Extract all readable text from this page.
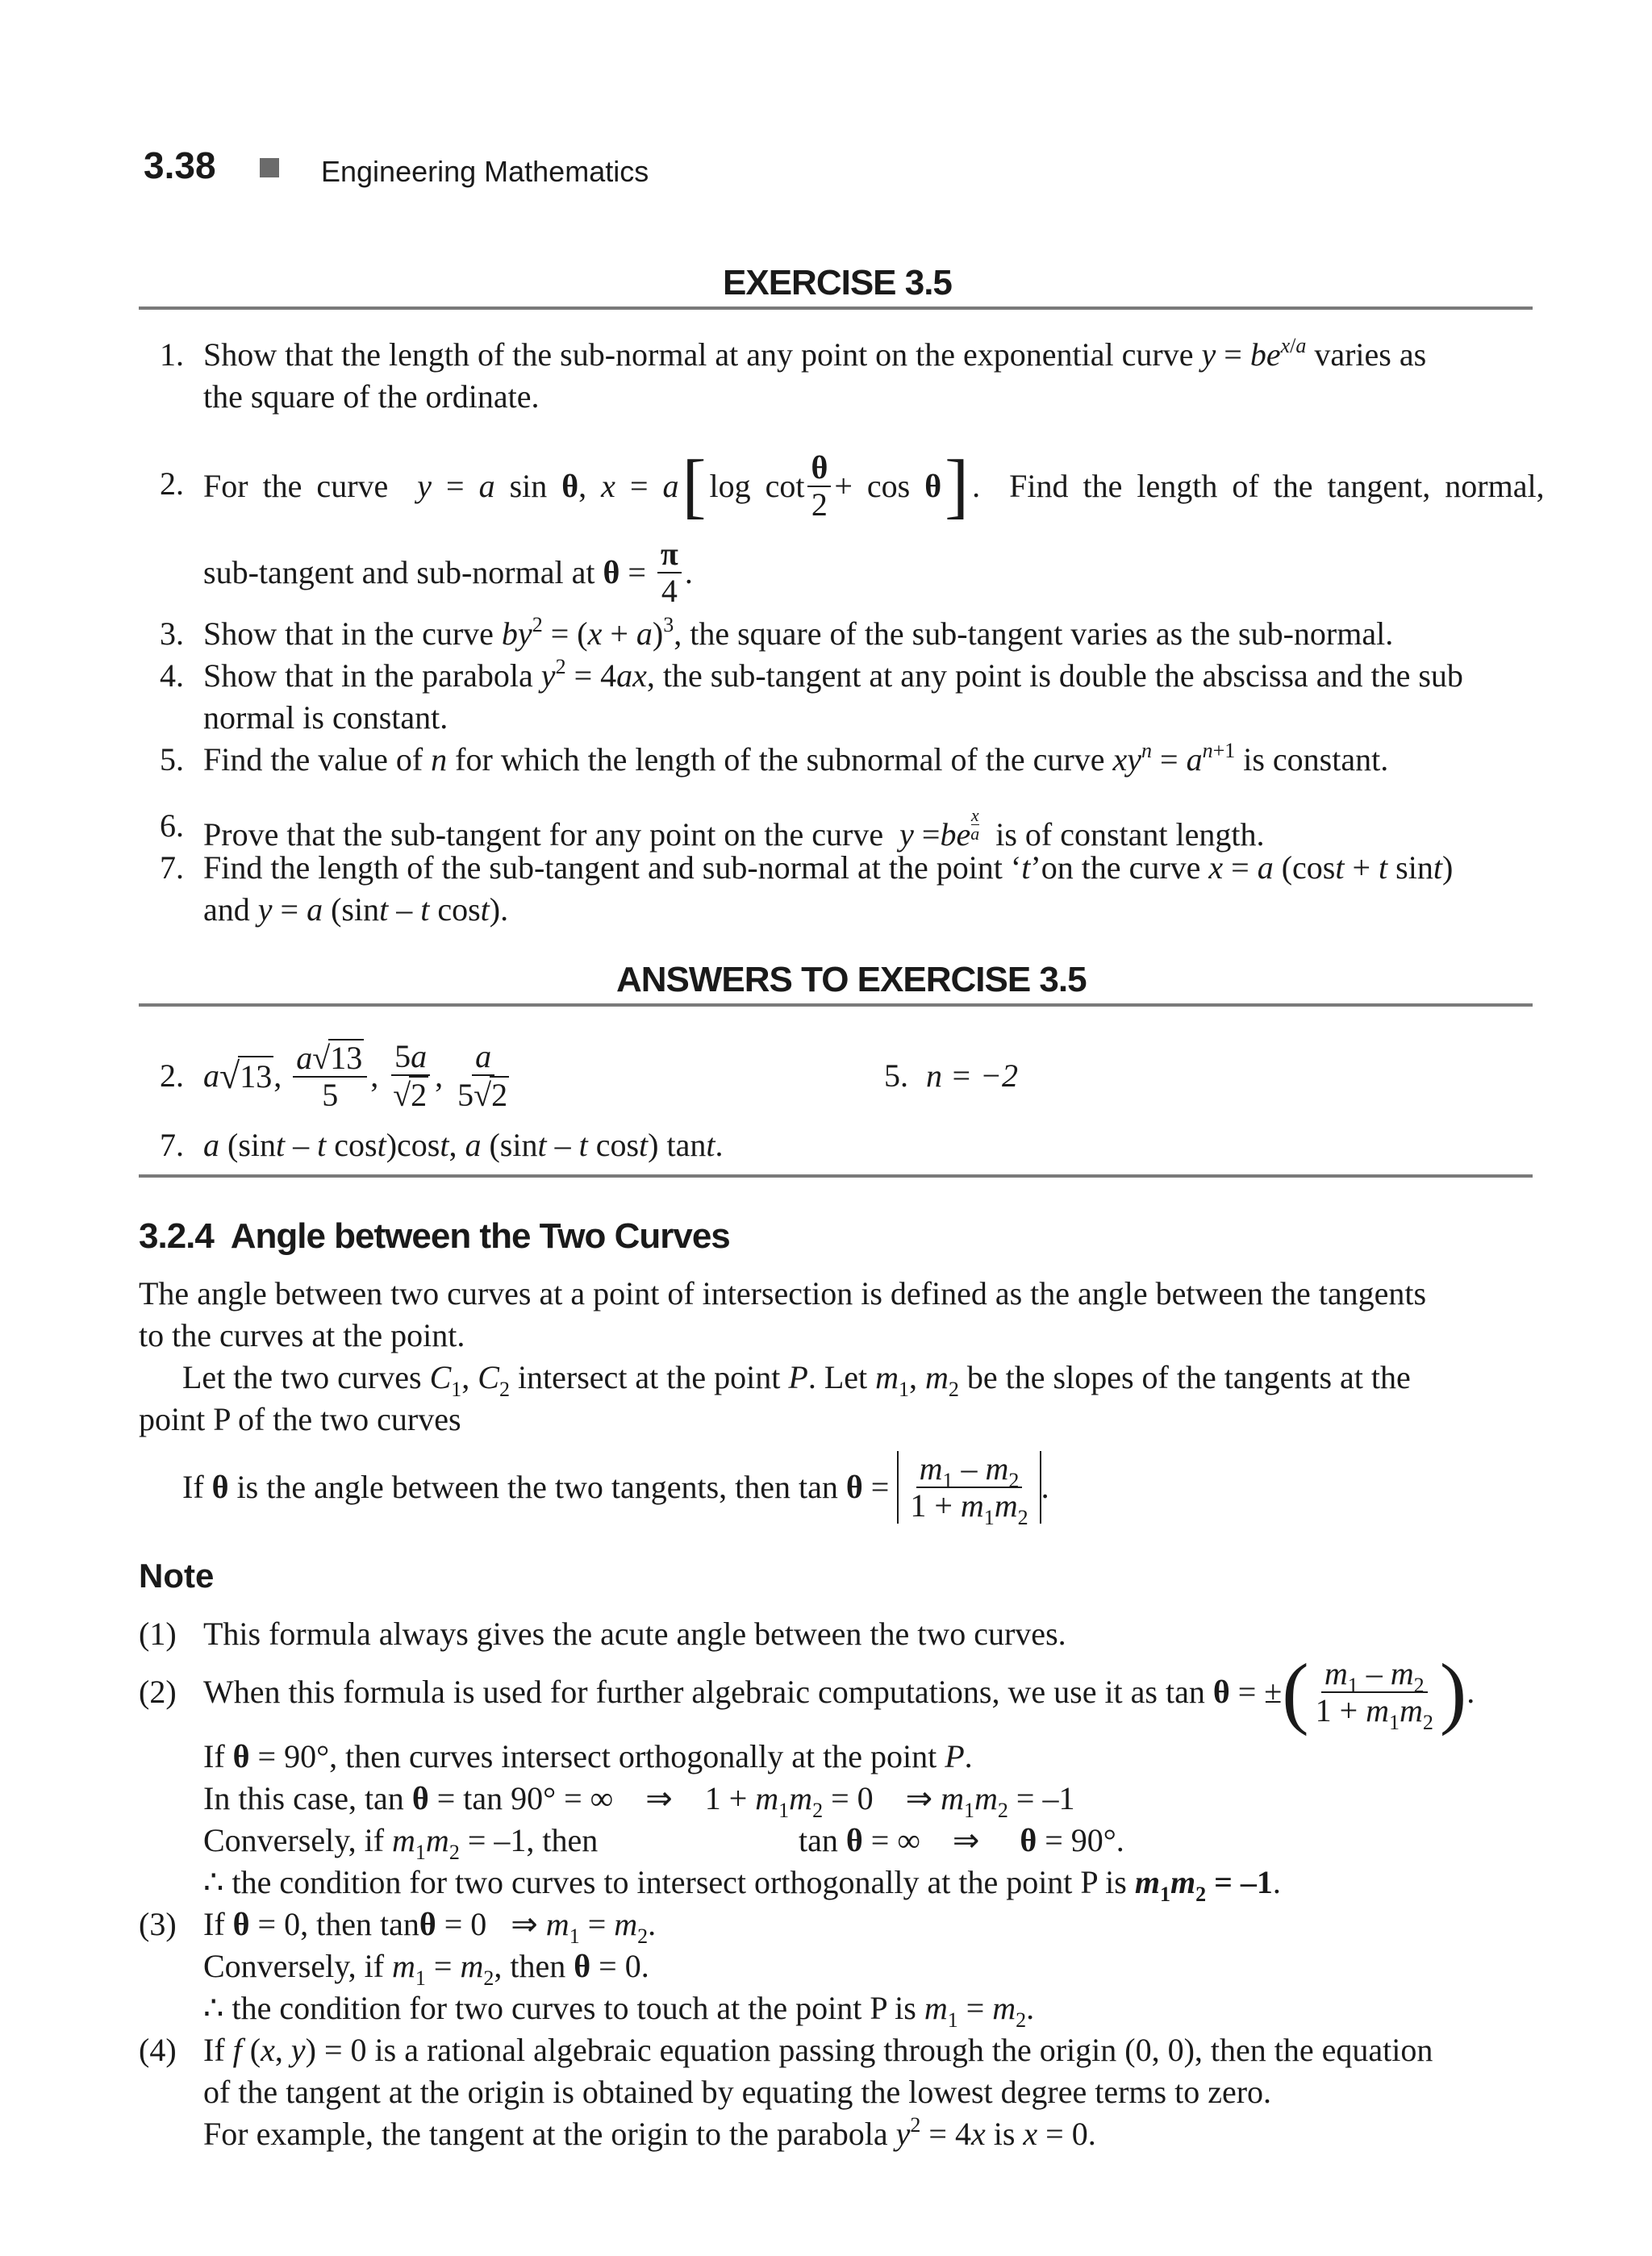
3.38	Engineering Mathematics
EXERCISE 3.5
1. Show that the length of the sub-normal at any point on the exponential curve $y = be^{x/a}$ varies as
the square of the ordinate.
2. For the curve
y = a sin θ , x = a [ $\log \cot \frac{\theta}{2} + \cos \theta$ ] . Find the length of the tangent, normal,
sub-tangent and sub-normal at
$\theta = \frac{\pi}{4}$ .
3. Show that in the curve $by^2 = (x + a)^3$, the square of the sub-tangent varies as the sub-normal.
4. Show that in the parabola $y^2 = 4ax$, the sub-tangent at any point is double the abscissa and the sub
normal is constant.
5. Find the value of n for which the length of the subnormal of the curve $xy^n = a^{n+1}$ is constant.
6. Prove that the sub-tangent for any point on the curve $y =be \frac{x}{a}$ is of constant length.
7. Find the length of the sub-tangent and sub-normal at the point ‘t’on the curve x = a (cost + t sint)
and y = a (sint – t cost).
ANSWERS TO EXERCISE 3.5
2. a √ 13 , $\frac{a√13}{5}$ , $\frac{5a}{√2}$ , $\frac{a}{5√2}$	5. n = −2
7. a (sint – t cost)cost, a (sint – t cost) tant.
3.2.4 Angle between the Two Curves
The angle between two curves at a point of intersection is defined as the angle between the tangents
to the curves at the point.
Let the two curves $C_1$, $C_2$ intersect at the point P. Let $m_1$, $m_2$ be the slopes of the tangents at the
point P of the two curves
If
θ
is the angle between the two tangents, then tan
$\theta = \frac{m_1 - m_2}{1 + m_1m_2}$ .
Note
(1) This formula always gives the acute angle between the two curves.
(2) When this formula is used for further algebraic computations, we use it as tan
θ = ± ( $\frac{m_1 - m_2}{1 + m_1m_2}$ ) .
If θ = 90°, then curves intersect orthogonally at the point P.
In this case, tan θ = tan 90° = ∞    ⇒    $1 + m_1m_2 = 0$    ⇒ $m_1m_2 = -1$
Conversely, if $m_1m_2 = -1$, then	tan θ = ∞    ⇒     θ = 90°.
∴ the condition for two curves to intersect orthogonally at the point P is $m_1m_2 = -1$.
(3) If θ = 0, then tanθ = 0   ⇒ $m_1 = m_2$.
Conversely, if $m_1 = m_2$, then θ = 0.
∴ the condition for two curves to touch at the point P is $m_1 = m_2$.
(4) If f (x, y) = 0 is a rational algebraic equation passing through the origin (0, 0), then the equation
of the tangent at the origin is obtained by equating the lowest degree terms to zero.
For example, the tangent at the origin to the parabola $y^2 = 4x$ is x = 0.
